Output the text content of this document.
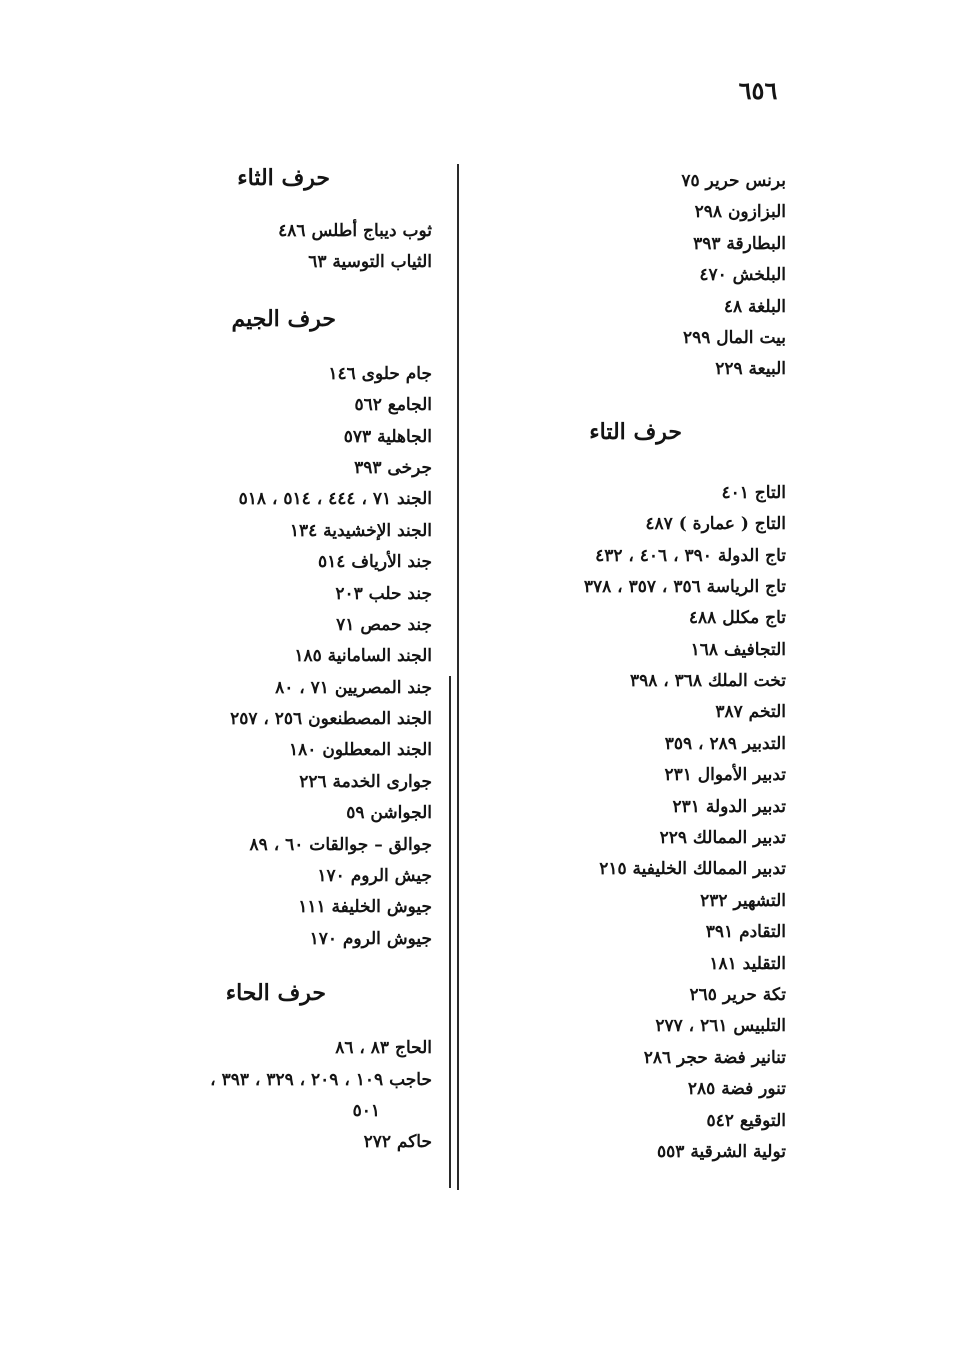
٦٥٦
برنس حرير ٧٥
البزازون ٢٩٨
البطارقة ٣٩٣
البلخش ٤٧٠
البلغة ٤٨
بيت المال ٢٩٩
البيعة ٢٢٩
حرف التاء
التاج ٤٠١
التاج ( عمارة ) ٤٨٧
تاج الدولة ٣٩٠ ، ٤٠٦ ، ٤٣٢
تاج الرياسة ٣٥٦ ، ٣٥٧ ، ٣٧٨
تاج مكلل ٤٨٨
التجافيف ١٦٨
تخت الملك ٣٦٨ ، ٣٩٨
التخم ٣٨٧
التدبير ٢٨٩ ، ٣٥٩
تدبير الأموال ٢٣١
تدبير الدولة ٢٣١
تدبير الممالك ٢٢٩
تدبير الممالك الخليفية ٢١٥
التشهير ٢٣٢
التقادم ٣٩١
التقليد ١٨١
تكة حرير ٢٦٥
التلبيس ٢٦١ ، ٢٧٧
تنانير فضة حجر ٢٨٦
تنور فضة ٢٨٥
التوقيع ٥٤٢
تولية الشرقية ٥٥٣
حرف الثاء
ثوب ديباج أطلس ٤٨٦
الثياب التوسية ٦٣
حرف الجيم
جام حلوى ١٤٦
الجامع ٥٦٢
الجاهلية ٥٧٣
جرخى ٣٩٣
الجند ٧١ ، ٤٤٤ ، ٥١٤ ، ٥١٨
الجند الإخشيدية ١٣٤
جند الأرياف ٥١٤
جند حلب ٢٠٣
جند حمص ٧١
الجند السامانية ١٨٥
جند المصريين ٧١ ، ٨٠
الجند المصطنعون ٢٥٦ ، ٢٥٧
الجند المعطلون ١٨٠
جوارى الخدمة ٢٢٦
الجواشن ٥٩
جوالق – جوالقات ٦٠ ، ٨٩
جيش الروم ١٧٠
جيوش الخليفة ١١١
جيوش الروم ١٧٠
حرف الحاء
الحاج ٨٣ ، ٨٦
حاجب ١٠٩ ، ٢٠٩ ، ٣٢٩ ، ٣٩٣ ،
٥٠١
حاكم ٢٧٢
